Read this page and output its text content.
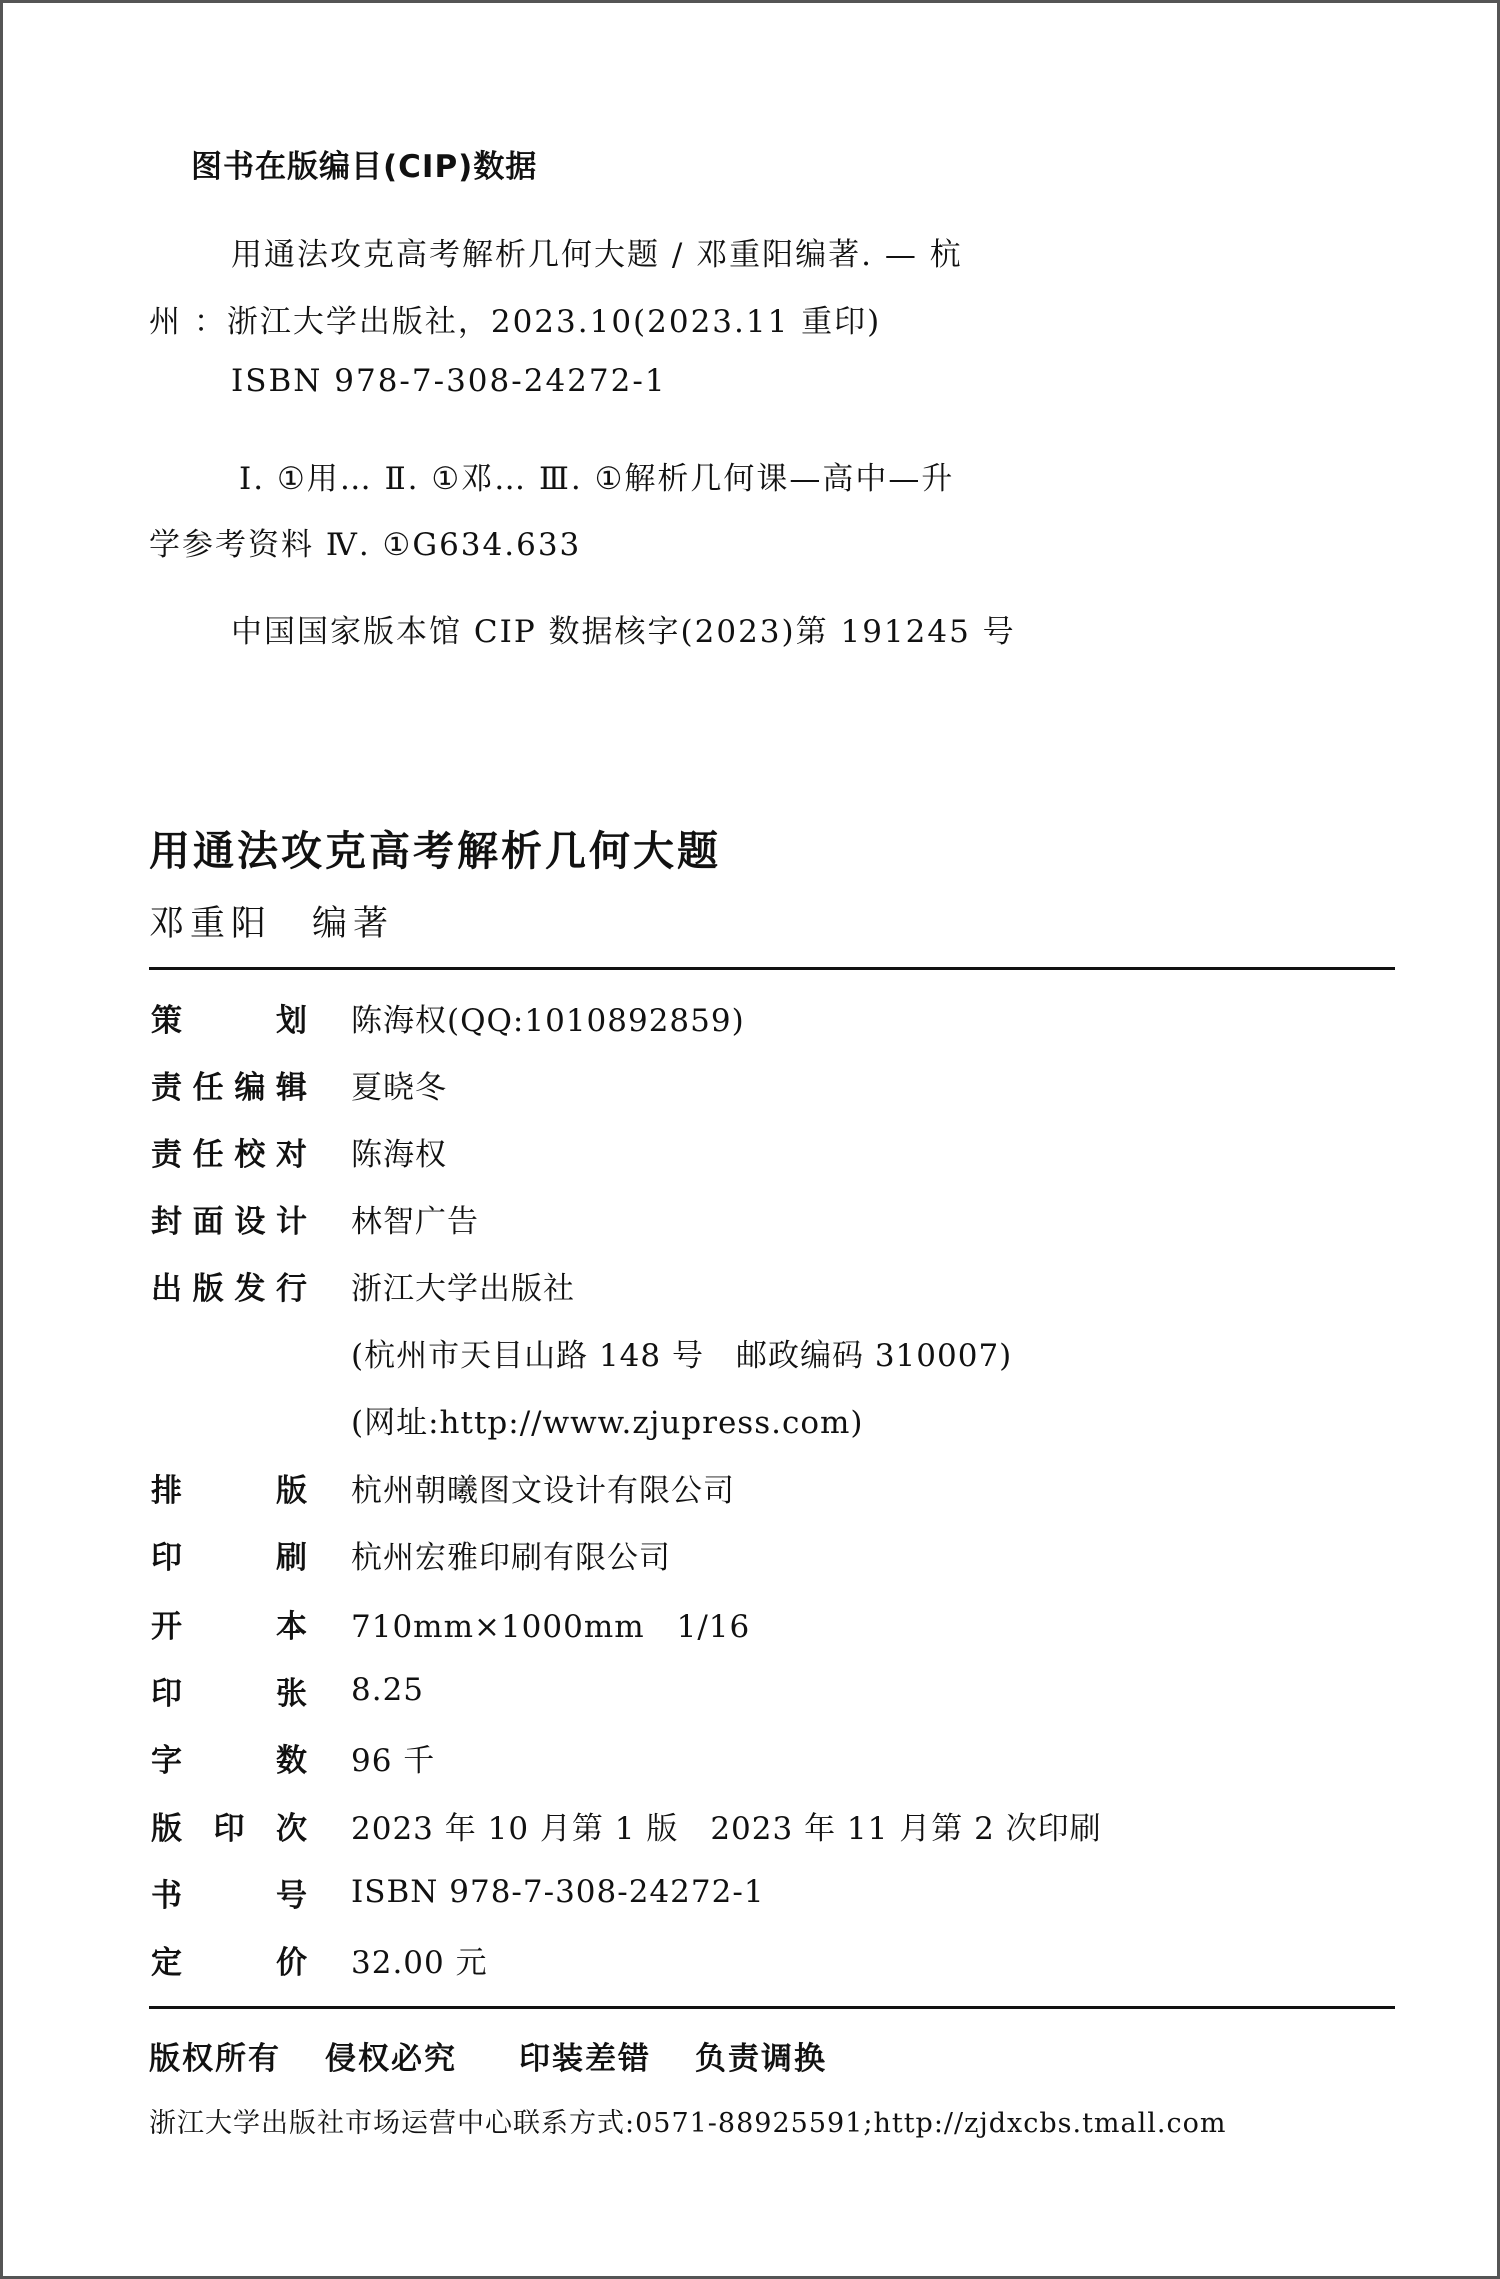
图书在版编目(CIP)数据
用通法攻克高考解析几何大题 / 邓重阳编著. — 杭
州 ：浙江大学出版社，2023.10(2023.11 重印)
ISBN 978-7-308-24272-1
Ⅰ. ①用… Ⅱ. ①邓… Ⅲ. ①解析几何课—高中—升
学参考资料 Ⅳ. ①G634.633
中国国家版本馆 CIP 数据核字(2023)第 191245 号
用通法攻克高考解析几何大题
邓重阳 编著
策	划 陈海权(QQ:1010892859)
责 任 编 辑 夏晓冬
责 任 校 对 陈海权
封 面 设 计 林智广告
出 版 发 行 浙江大学出版社
(杭州市天目山路 148 号　邮政编码 310007)
(网址:http://www.zjupress.com)
排	版 杭州朝曦图文设计有限公司
印	刷 杭州宏雅印刷有限公司
开	本 710mm×1000mm　1/16
印	张 8.25
字	数 96 千
版 印 次 2023 年 10 月第 1 版　2023 年 11 月第 2 次印刷
书	号 ISBN 978-7-308-24272-1
定	价 32.00 元
版权所有 侵权必究 印装差错 负责调换
浙江大学出版社市场运营中心联系方式:0571-88925591;http://zjdxcbs.tmall.com
